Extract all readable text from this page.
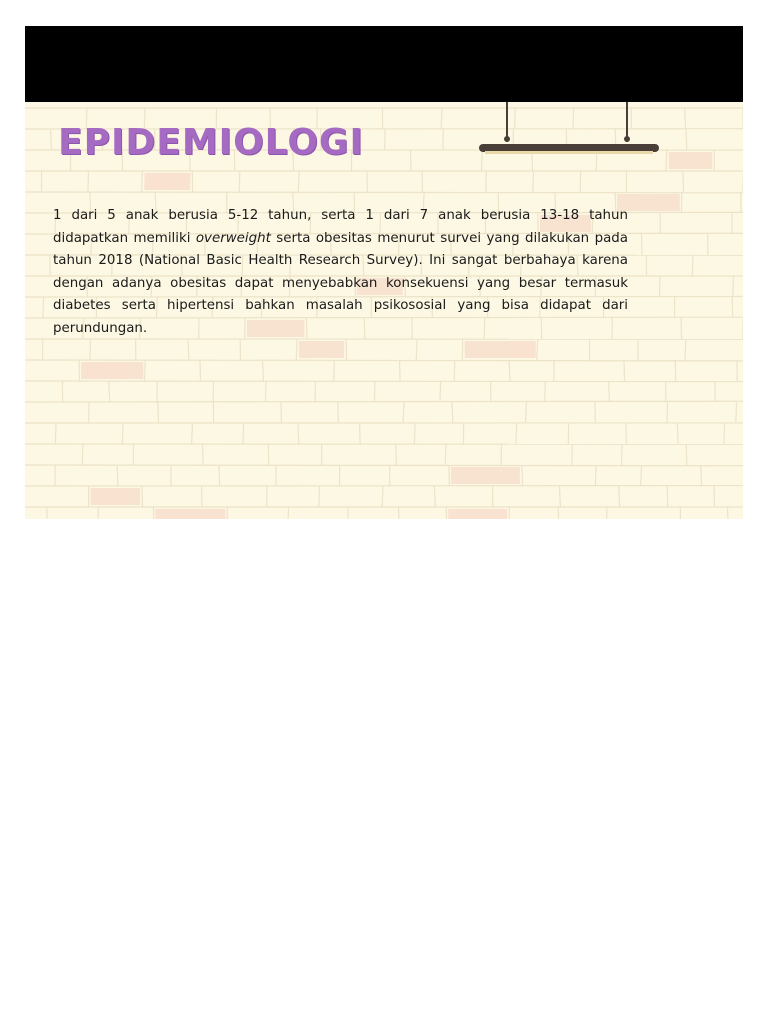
EPIDEMIOLOGI

1 dari 5 anak berusia 5-12 tahun, serta 1 dari 7 anak berusia 13-18 tahun didapatkan memiliki overweight serta obesitas menurut survei yang dilakukan pada tahun 2018 (National Basic Health Research Survey). Ini sangat berbahaya karena dengan adanya obesitas dapat menyebabkan konsekuensi yang besar termasuk diabetes serta hipertensi bahkan masalah psikososial yang bisa didapat dari perundungan.
